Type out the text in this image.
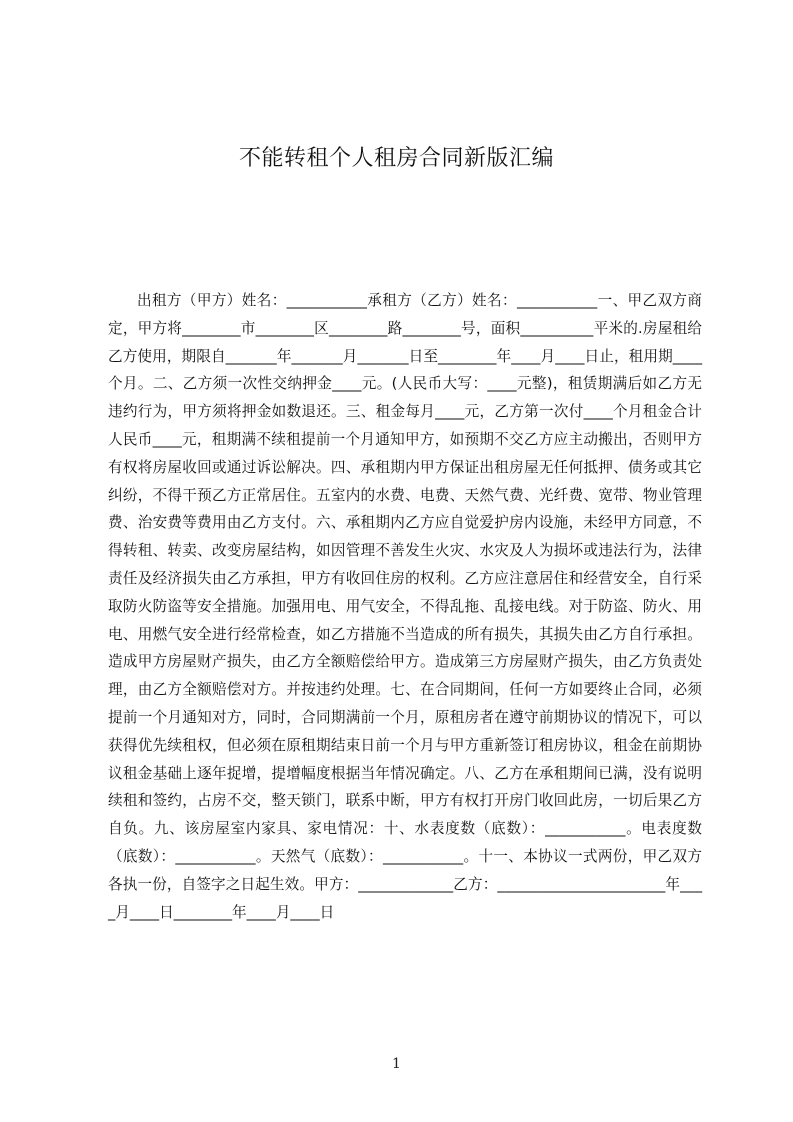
不能转租个人租房合同新版汇编

出租方（甲方）姓名：___________承租方（乙方）姓名：___________一、甲乙双方商定，甲方将________市________区________路________号，面积__________平米的.房屋租给乙方使用，期限自_______年_______月_______日至________年____月____日止，租用期____个月。二、乙方须一次性交纳押金____元。(人民币大写：____元整)，租赁期满后如乙方无违约行为，甲方须将押金如数退还。三、租金每月____元，乙方第一次付____个月租金合计人民币____元，租期满不续租提前一个月通知甲方，如预期不交乙方应主动搬出，否则甲方有权将房屋收回或通过诉讼解决。四、承租期内甲方保证出租房屋无任何抵押、债务或其它纠纷，不得干预乙方正常居住。五室内的水费、电费、天然气费、光纤费、宽带、物业管理费、治安费等费用由乙方支付。六、承租期内乙方应自觉爱护房内设施，未经甲方同意，不得转租、转卖、改变房屋结构，如因管理不善发生火灾、水灾及人为损坏或违法行为，法律责任及经济损失由乙方承担，甲方有收回住房的权利。乙方应注意居住和经营安全，自行采取防火防盗等安全措施。加强用电、用气安全，不得乱拖、乱接电线。对于防盗、防火、用电、用燃气安全进行经常检查，如乙方措施不当造成的所有损失，其损失由乙方自行承担。造成甲方房屋财产损失，由乙方全额赔偿给甲方。造成第三方房屋财产损失，由乙方负责处理，由乙方全额赔偿对方。并按违约处理。七、在合同期间，任何一方如要终止合同，必须提前一个月通知对方，同时，合同期满前一个月，原租房者在遵守前期协议的情况下，可以获得优先续租权，但必须在原租期结束日前一个月与甲方重新签订租房协议，租金在前期协议租金基础上逐年捉增，提增幅度根据当年情况确定。八、乙方在承租期间已满，没有说明续租和签约，占房不交，整天锁门，联系中断，甲方有权打开房门收回此房，一切后果乙方自负。九、该房屋室内家具、家电情况：十、水表度数（底数）：___________。电表度数（底数）：___________。天然气（底数）：___________。十一、本协议一式两份，甲乙双方各执一份，自签字之日起生效。甲方：_____________乙方：_______________________年____月____日________年____月____日

1
